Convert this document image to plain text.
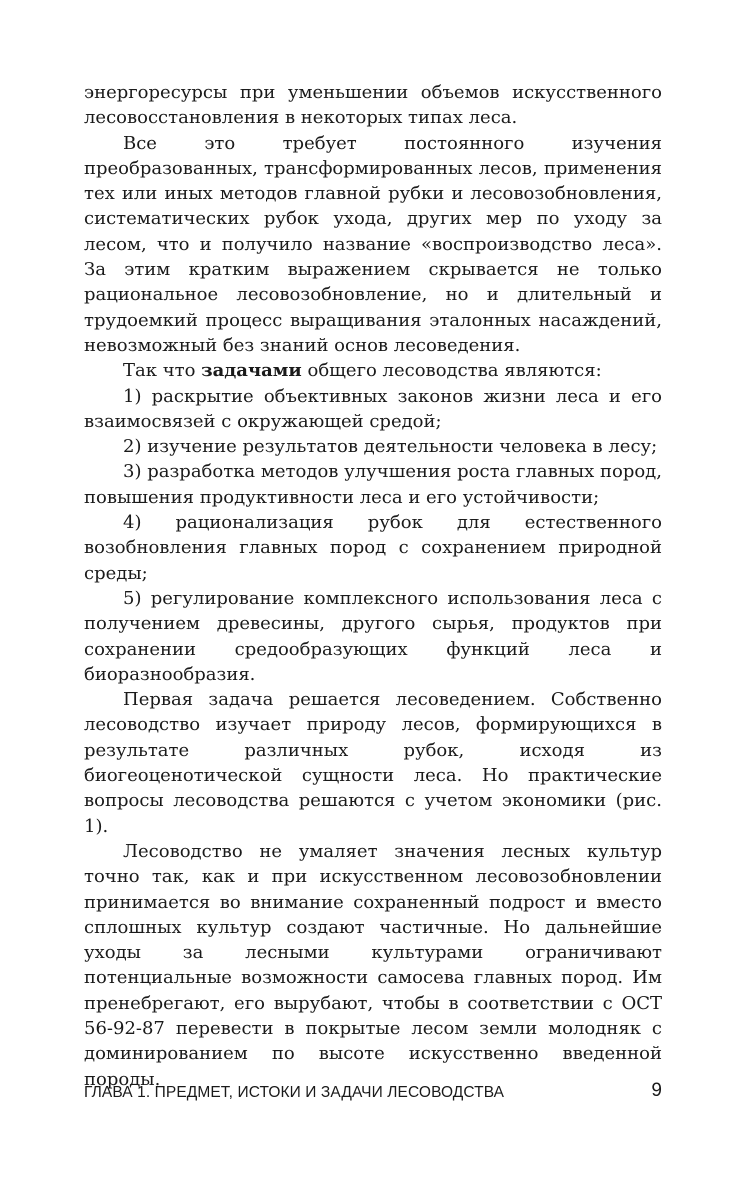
энергоресурсы при уменьшении объемов искусственного лесовосстановления в некоторых типах леса.

Все это требует постоянного изучения преобразованных, трансформированных лесов, применения тех или иных методов главной рубки и лесовозобновления, систематических рубок ухода, других мер по уходу за лесом, что и получило название «воспроизводство леса». За этим кратким выражением скрывается не только рациональное лесовозобновление, но и длительный и трудоемкий процесс выращивания эталонных насаждений, невозможный без знаний основ лесоведения.

Так что задачами общего лесоводства являются:

1) раскрытие объективных законов жизни леса и его взаимосвязей с окружающей средой;

2) изучение результатов деятельности человека в лесу;

3) разработка методов улучшения роста главных пород, повышения продуктивности леса и его устойчивости;

4) рационализация рубок для естественного возобновления главных пород с сохранением природной среды;

5) регулирование комплексного использования леса с получением древесины, другого сырья, продуктов при сохранении средообразующих функций леса и биоразнообразия.

Первая задача решается лесоведением. Собственно лесоводство изучает природу лесов, формирующихся в результате различных рубок, исходя из биогеоценотической сущности леса. Но практические вопросы лесоводства решаются с учетом экономики (рис. 1).

Лесоводство не умаляет значения лесных культур точно так, как и при искусственном лесовозобновлении принимается во внимание сохраненный подрост и вместо сплошных культур создают частичные. Но дальнейшие уходы за лесными культурами ограничивают потенциальные возможности самосева главных пород. Им пренебрегают, его вырубают, чтобы в соответствии с ОСТ 56-92-87 перевести в покрытые лесом земли молодняк с доминированием по высоте искусственно введенной породы.

ГЛАВА 1. ПРЕДМЕТ, ИСТОКИ И ЗАДАЧИ ЛЕСОВОДСТВА	9
